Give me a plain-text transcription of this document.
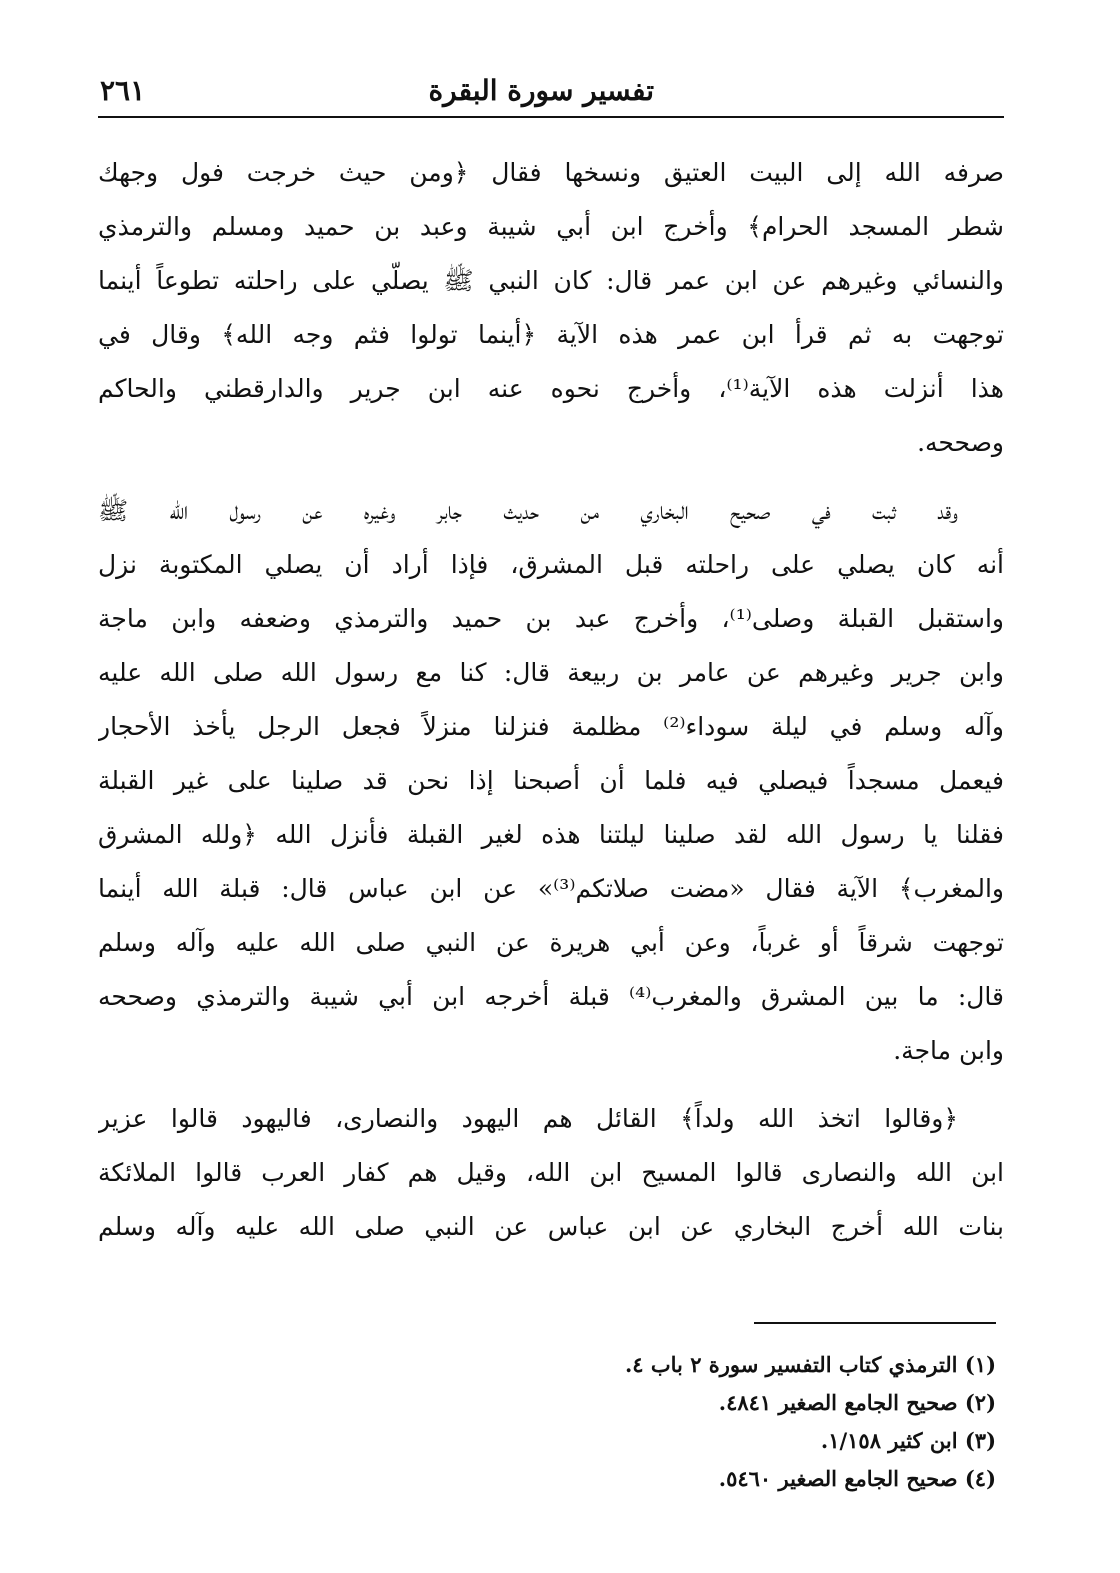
تفسير سورة البقرة
٢٦١
صرفه الله إلى البيت العتيق ونسخها فقال ﴿ومن حيث خرجت فول وجهك
شطر المسجد الحرام﴾ وأخرج ابن أبي شيبة وعبد بن حميد ومسلم والترمذي
والنسائي وغيرهم عن ابن عمر قال: كان النبي ﷺ يصلّي على راحلته تطوعاً أينما
توجهت به ثم قرأ ابن عمر هذه الآية ﴿أينما تولوا فثم وجه الله﴾ وقال في
هذا أنزلت هذه الآية⁽¹⁾، وأخرج نحوه عنه ابن جرير والدارقطني والحاكم
وصححه.
وقد ثبت في صحيح البخاري من حديث جابر وغيره عن رسول الله ﷺ
أنه كان يصلي على راحلته قبل المشرق، فإذا أراد أن يصلي المكتوبة نزل
واستقبل القبلة وصلى⁽¹⁾، وأخرج عبد بن حميد والترمذي وضعفه وابن ماجة
وابن جرير وغيرهم عن عامر بن ربيعة قال: كنا مع رسول الله صلى الله عليه
وآله وسلم في ليلة سوداء⁽²⁾ مظلمة فنزلنا منزلاً فجعل الرجل يأخذ الأحجار
فيعمل مسجداً فيصلي فيه فلما أن أصبحنا إذا نحن قد صلينا على غير القبلة
فقلنا يا رسول الله لقد صلينا ليلتنا هذه لغير القبلة فأنزل الله ﴿ولله المشرق
والمغرب﴾ الآية فقال «مضت صلاتكم⁽³⁾» عن ابن عباس قال: قبلة الله أينما
توجهت شرقاً أو غرباً، وعن أبي هريرة عن النبي صلى الله عليه وآله وسلم
قال: ما بين المشرق والمغرب⁽⁴⁾ قبلة أخرجه ابن أبي شيبة والترمذي وصححه
وابن ماجة.
﴿وقالوا اتخذ الله ولداً﴾ القائل هم اليهود والنصارى، فاليهود قالوا عزير
ابن الله والنصارى قالوا المسيح ابن الله، وقيل هم كفار العرب قالوا الملائكة
بنات الله أخرج البخاري عن ابن عباس عن النبي صلى الله عليه وآله وسلم
(١) الترمذي كتاب التفسير سورة ٢ باب ٤.
(٢) صحيح الجامع الصغير ٤٨٤١.
(٣) ابن كثير ١/١٥٨.
(٤) صحيح الجامع الصغير ٥٤٦٠.
